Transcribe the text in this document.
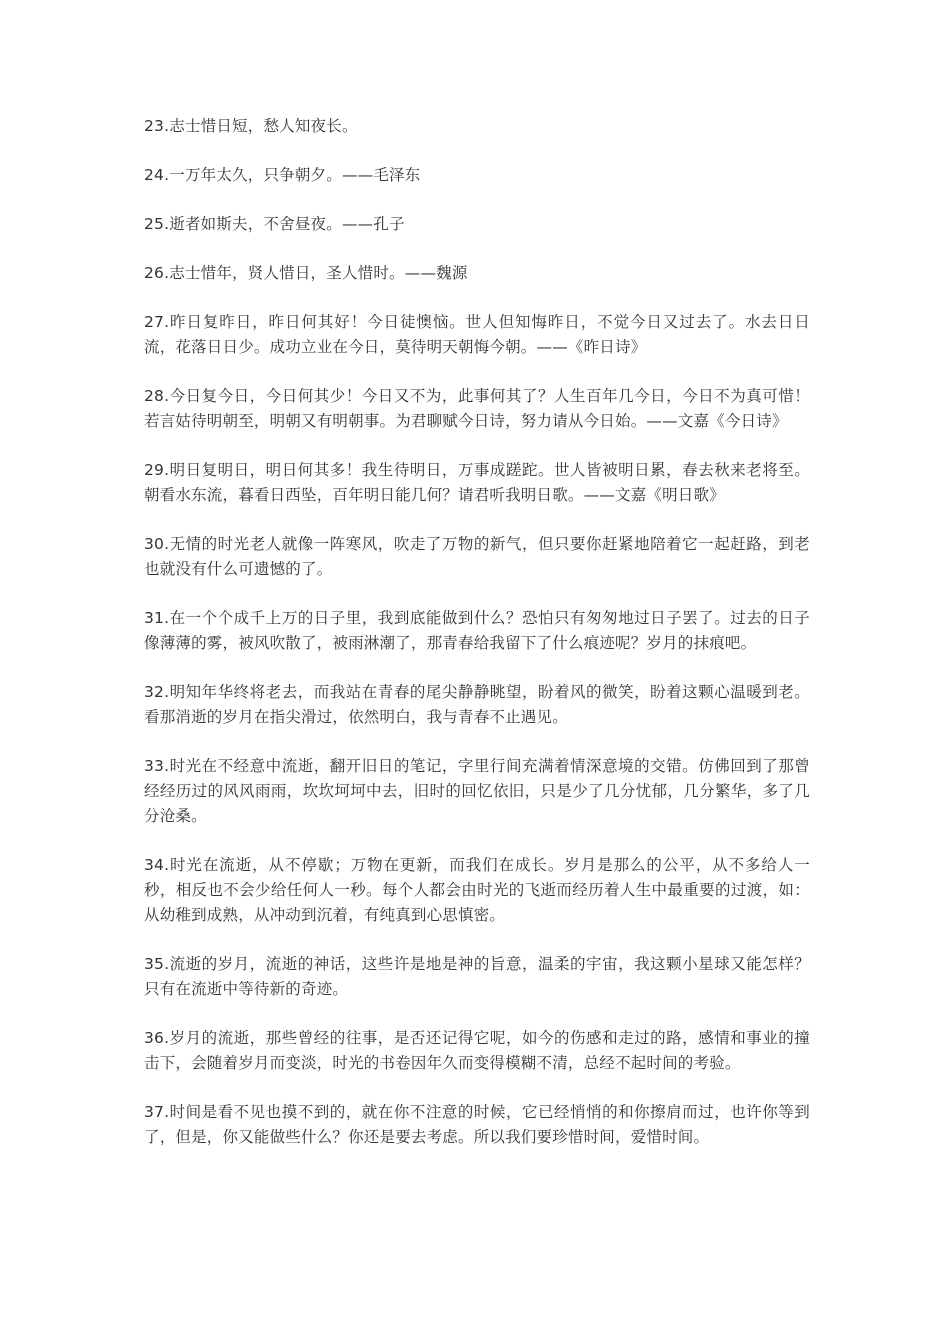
23.志士惜日短，愁人知夜长。

24.一万年太久，只争朝夕。——毛泽东

25.逝者如斯夫，不舍昼夜。——孔子

26.志士惜年，贤人惜日，圣人惜时。——魏源

27.昨日复昨日，昨日何其好！今日徒懊恼。世人但知悔昨日，不觉今日又过去了。水去日日流，花落日日少。成功立业在今日，莫待明天朝悔今朝。——《昨日诗》

28.今日复今日，今日何其少！今日又不为，此事何其了？人生百年几今日，今日不为真可惜！若言姑待明朝至，明朝又有明朝事。为君聊赋今日诗，努力请从今日始。——文嘉《今日诗》

29.明日复明日，明日何其多！我生待明日，万事成蹉跎。世人皆被明日累，春去秋来老将至。朝看水东流，暮看日西坠，百年明日能几何？请君听我明日歌。——文嘉《明日歌》

30.无情的时光老人就像一阵寒风，吹走了万物的新气，但只要你赶紧地陪着它一起赶路，到老也就没有什么可遗憾的了。

31.在一个个成千上万的日子里，我到底能做到什么？恐怕只有匆匆地过日子罢了。过去的日子像薄薄的雾，被风吹散了，被雨淋潮了，那青春给我留下了什么痕迹呢？岁月的抹痕吧。

32.明知年华终将老去，而我站在青春的尾尖静静眺望，盼着风的微笑，盼着这颗心温暖到老。看那消逝的岁月在指尖滑过，依然明白，我与青春不止遇见。

33.时光在不经意中流逝，翻开旧日的笔记，字里行间充满着情深意境的交错。仿佛回到了那曾经经历过的风风雨雨，坎坎坷坷中去，旧时的回忆依旧，只是少了几分忧郁，几分繁华，多了几分沧桑。

34.时光在流逝，从不停歇；万物在更新，而我们在成长。岁月是那么的公平，从不多给人一秒，相反也不会少给任何人一秒。每个人都会由时光的飞逝而经历着人生中最重要的过渡，如：从幼稚到成熟，从冲动到沉着，有纯真到心思慎密。

35.流逝的岁月，流逝的神话，这些许是地是神的旨意，温柔的宇宙，我这颗小星球又能怎样？只有在流逝中等待新的奇迹。

36.岁月的流逝，那些曾经的往事，是否还记得它呢，如今的伤感和走过的路，感情和事业的撞击下，会随着岁月而变淡，时光的书卷因年久而变得模糊不清，总经不起时间的考验。

37.时间是看不见也摸不到的，就在你不注意的时候，它已经悄悄的和你擦肩而过，也许你等到了，但是，你又能做些什么？你还是要去考虑。所以我们要珍惜时间，爱惜时间。
